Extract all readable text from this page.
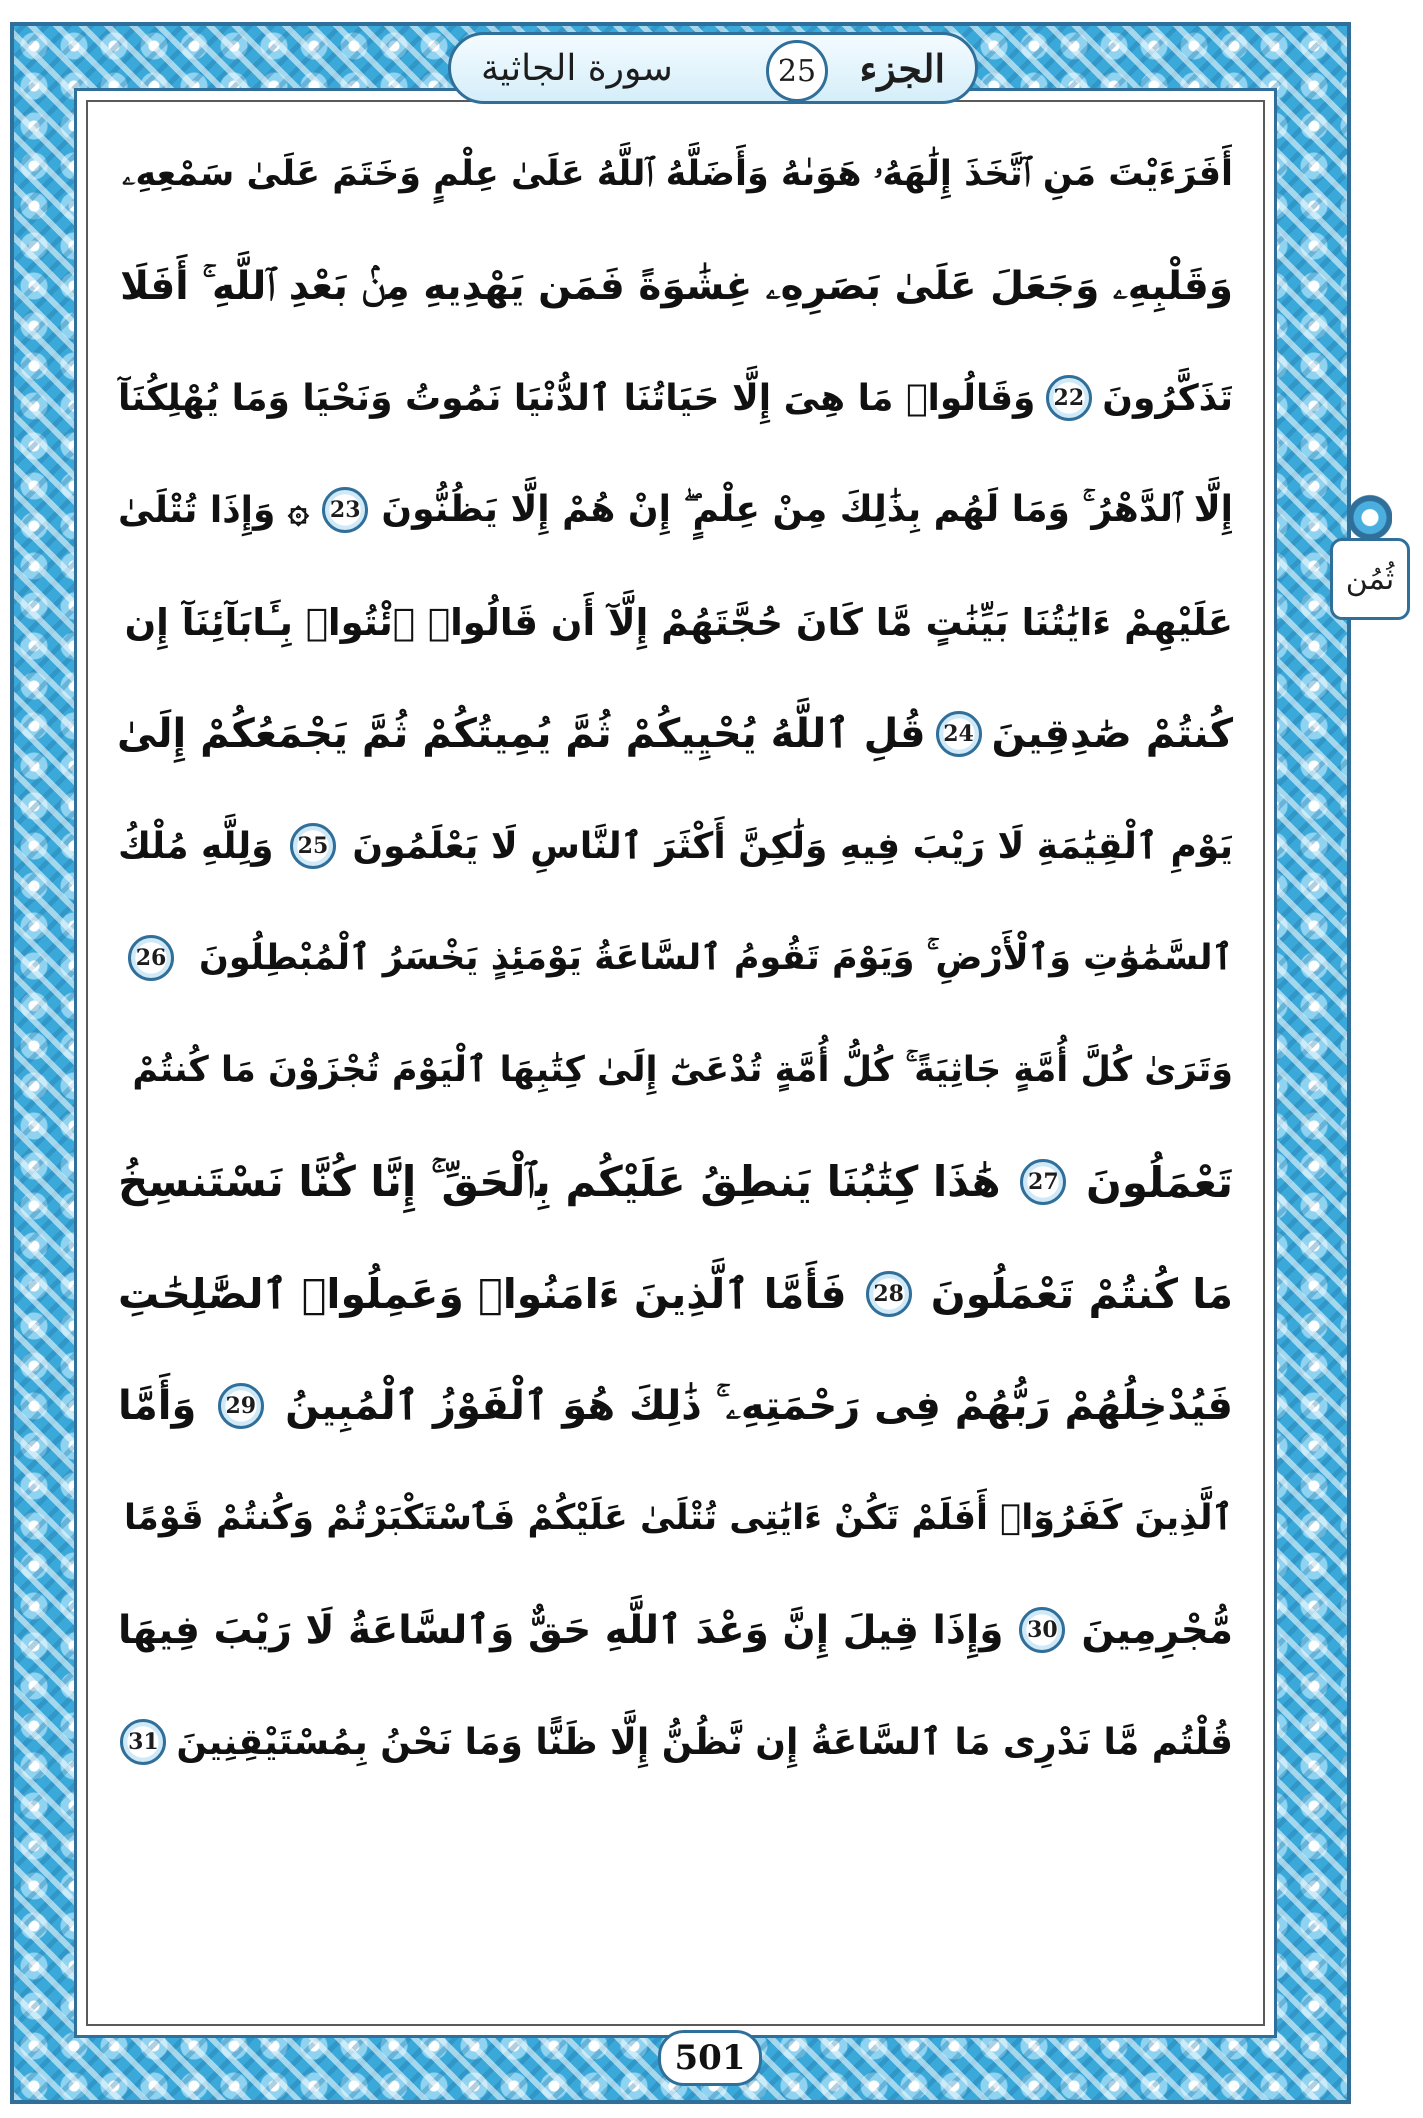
الجزء
سورة الجاثية	25
ثُمُن
أَفَرَءَيْتَ مَنِ ٱتَّخَذَ إِلَٰهَهُۥ هَوَىٰهُ وَأَضَلَّهُ ٱللَّهُ عَلَىٰ عِلْمٍ وَخَتَمَ عَلَىٰ سَمْعِهِۦ
وَقَلْبِهِۦ وَجَعَلَ عَلَىٰ بَصَرِهِۦ غِشَٰوَةً فَمَن يَهْدِيهِ مِنۢ بَعْدِ ٱللَّهِ ۚ أَفَلَا
تَذَكَّرُونَ
22
وَقَالُوا۟ مَا هِىَ إِلَّا حَيَاتُنَا ٱلدُّنْيَا نَمُوتُ وَنَحْيَا وَمَا يُهْلِكُنَآ
إِلَّا ٱلدَّهْرُ ۚ وَمَا لَهُم بِذَٰلِكَ مِنْ عِلْمٍ ۖ إِنْ هُمْ إِلَّا يَظُنُّونَ
23
۞ وَإِذَا تُتْلَىٰ
عَلَيْهِمْ ءَايَٰتُنَا بَيِّنَٰتٍ مَّا كَانَ حُجَّتَهُمْ إِلَّآ أَن قَالُوا۟ ٱئْتُوا۟ بِـَٔابَآئِنَآ إِن
كُنتُمْ صَٰدِقِينَ
24
قُلِ ٱللَّهُ يُحْيِيكُمْ ثُمَّ يُمِيتُكُمْ ثُمَّ يَجْمَعُكُمْ إِلَىٰ
يَوْمِ ٱلْقِيَٰمَةِ لَا رَيْبَ فِيهِ وَلَٰكِنَّ أَكْثَرَ ٱلنَّاسِ لَا يَعْلَمُونَ
25
وَلِلَّهِ مُلْكُ
ٱلسَّمَٰوَٰتِ وَٱلْأَرْضِ ۚ وَيَوْمَ تَقُومُ ٱلسَّاعَةُ يَوْمَئِذٍ يَخْسَرُ ٱلْمُبْطِلُونَ
26
وَتَرَىٰ كُلَّ أُمَّةٍ جَاثِيَةً ۚ كُلُّ أُمَّةٍ تُدْعَىٰٓ إِلَىٰ كِتَٰبِهَا ٱلْيَوْمَ تُجْزَوْنَ مَا كُنتُمْ
تَعْمَلُونَ
27
هَٰذَا كِتَٰبُنَا يَنطِقُ عَلَيْكُم بِٱلْحَقِّ ۚ إِنَّا كُنَّا نَسْتَنسِخُ
مَا كُنتُمْ تَعْمَلُونَ
28
فَأَمَّا ٱلَّذِينَ ءَامَنُوا۟ وَعَمِلُوا۟ ٱلصَّٰلِحَٰتِ
فَيُدْخِلُهُمْ رَبُّهُمْ فِى رَحْمَتِهِۦ ۚ ذَٰلِكَ هُوَ ٱلْفَوْزُ ٱلْمُبِينُ
29
وَأَمَّا
ٱلَّذِينَ كَفَرُوٓا۟ أَفَلَمْ تَكُنْ ءَايَٰتِى تُتْلَىٰ عَلَيْكُمْ فَٱسْتَكْبَرْتُمْ وَكُنتُمْ قَوْمًا
مُّجْرِمِينَ
30
وَإِذَا قِيلَ إِنَّ وَعْدَ ٱللَّهِ حَقٌّ وَٱلسَّاعَةُ لَا رَيْبَ فِيهَا
قُلْتُم مَّا نَدْرِى مَا ٱلسَّاعَةُ إِن نَّظُنُّ إِلَّا ظَنًّا وَمَا نَحْنُ بِمُسْتَيْقِنِينَ
31
501
